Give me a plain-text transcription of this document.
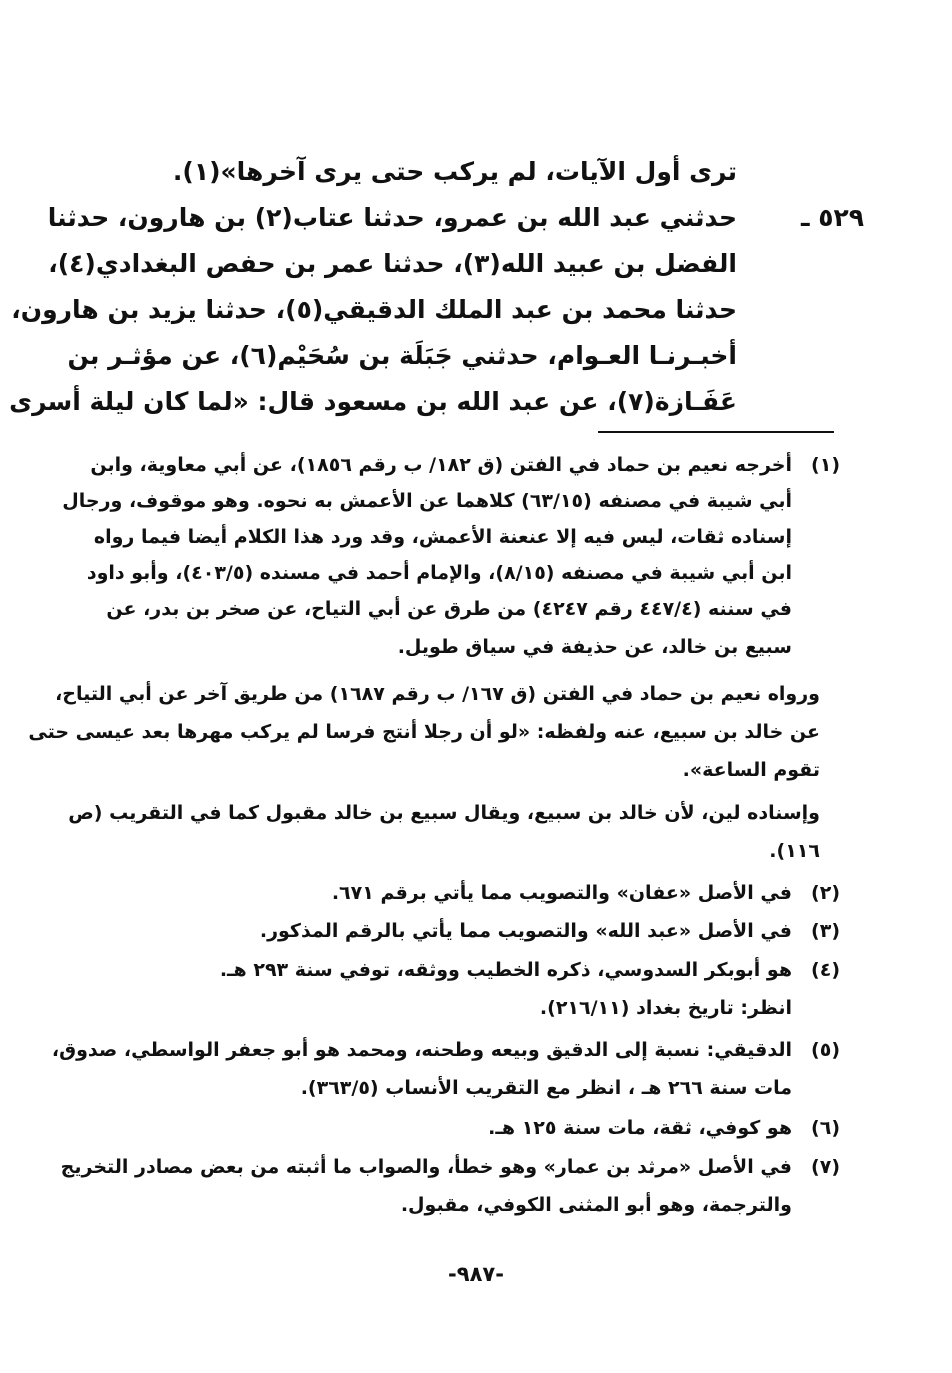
ترى أول الآيات، لم يركب حتى يرى آخرها»(١).
٥٢٩ ـ
حدثني عبد الله بن عمرو، حدثنا عتاب(٢) بن هارون، حدثنا
الفضل بن عبيد الله(٣)، حدثنا عمر بن حفص البغدادي(٤)،
حدثنا محمد بن عبد الملك الدقيقي(٥)، حدثنا يزيد بن هارون،
أخبـرنـا العـوام، حدثني جَبَلَة بن سُحَيْم(٦)، عن مؤثـر بن
عَفَـازة(٧)، عن عبد الله بن مسعود قال: «لما كان ليلة أسرى
(١)
أخرجه نعيم بن حماد في الفتن (ق ١٨٢/ ب رقم ١٨٥٦)، عن أبي معاوية، وابن
أبي شيبة في مصنفه (٦٣/١٥) كلاهما عن الأعمش به نحوه. وهو موقوف، ورجال
إسناده ثقات، ليس فيه إلا عنعنة الأعمش، وقد ورد هذا الكلام أيضا فيما رواه
ابن أبي شيبة في مصنفه (٨/١٥)، والإمام أحمد في مسنده (٤٠٣/٥)، وأبو داود
في سننه (٤٤٧/٤ رقم ٤٢٤٧) من طرق عن أبي التياح، عن صخر بن بدر، عن
سبيع بن خالد، عن حذيفة في سياق طويل.
ورواه نعيم بن حماد في الفتن (ق ١٦٧/ ب رقم ١٦٨٧) من طريق آخر عن أبي التياح،
عن خالد بن سبيع، عنه ولفظه: «لو أن رجلا أنتج فرسا لم يركب مهرها بعد عيسى حتى
تقوم الساعة».
وإسناده لين، لأن خالد بن سبيع، ويقال سبيع بن خالد مقبول كما في التقريب (ص
١١٦).
(٢)
في الأصل «عفان» والتصويب مما يأتي برقم ٦٧١.
(٣)
في الأصل «عبد الله» والتصويب مما يأتي بالرقم المذكور.
(٤)
هو أبوبكر السدوسي، ذكره الخطيب ووثقه، توفي سنة ٢٩٣ هـ.
انظر: تاريخ بغداد (٢١٦/١١).
(٥)
الدقيقي: نسبة إلى الدقيق وبيعه وطحنه، ومحمد هو أبو جعفر الواسطي، صدوق،
مات سنة ٢٦٦ هـ ، انظر مع التقريب الأنساب (٣٦٣/٥).
(٦)
هو كوفي، ثقة، مات سنة ١٢٥ هـ.
(٧)
في الأصل «مرثد بن عمار» وهو خطأ، والصواب ما أثبته من بعض مصادر التخريج
والترجمة، وهو أبو المثنى الكوفي، مقبول.
-٩٨٧-
